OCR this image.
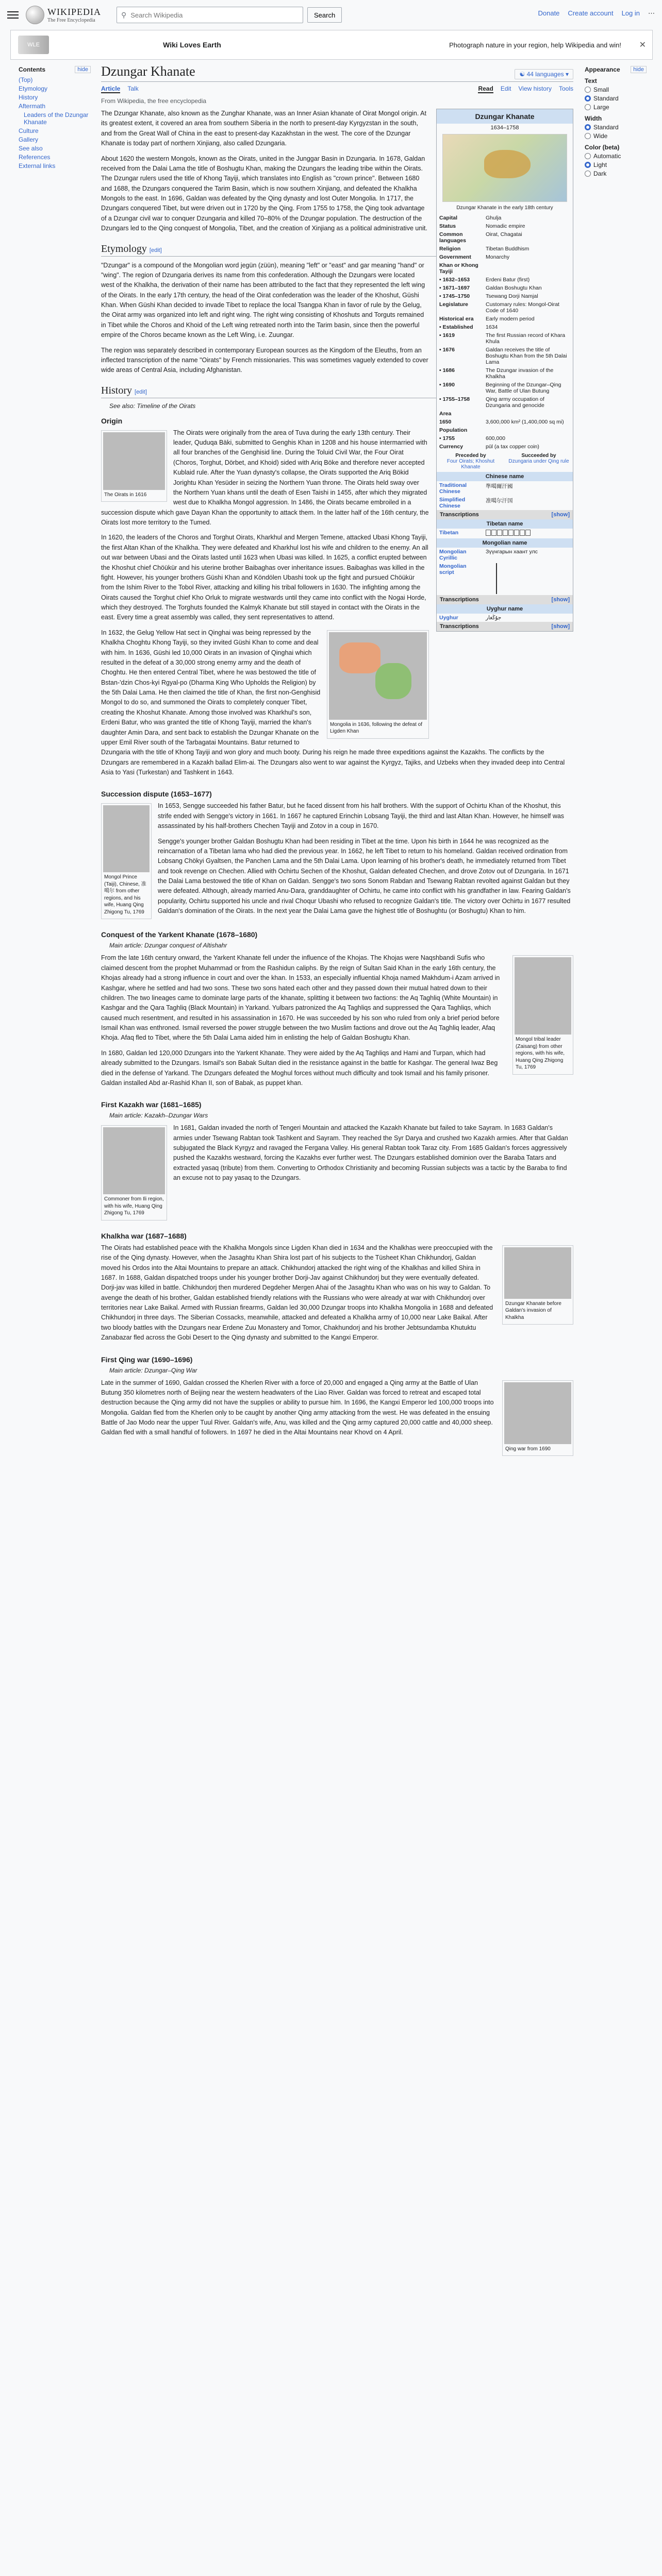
WIKIPEDIA
The Free Encyclopedia
⚲
Search Wikipedia	Search	Donate Create account Log in ⋯
WLE	Wiki Loves Earth	Photograph nature in your region, help Wikipedia and win! ✕
Contents	hide
(Top)
Etymology
History
Aftermath
Leaders of the Dzungar Khanate
Culture
Gallery
See also
References
External links
Appearance	hide
Text
Small
Standard
Large
Width
Standard
Wide
Color (beta)
Automatic
Light
Dark
Dzungar Khanate	☯ 44 languages ▾
Article Talk	Read Edit View history Tools
From Wikipedia, the free encyclopedia
Dzungar Khanate
1634–1758
Dzungar Khanate in the early 18th century
Capital	Ghulja
Status	Nomadic empire
Common languages	Oirat, Chagatai
Religion	Tibetan Buddhism
Government	Monarchy
Khan or Khong Tayiji	
• 1632–1653	Erdeni Batur (first)
• 1671–1697	Galdan Boshugtu Khan
• 1745–1750	Tsewang Dorji Namjal
Legislature	Customary rules: Mongol-Oirat Code of 1640
Historical era	Early modern period
• Established	1634
• 1619	The first Russian record of Khara Khula
• 1676	Galdan receives the title of Boshugtu Khan from the 5th Dalai Lama
• 1686	The Dzungar invasion of the Khalkha
• 1690	Beginning of the Dzungar–Qing War, Battle of Ulan Butung
• 1755–1758	Qing army occupation of Dzungaria and genocide
Area	
1650	3,600,000 km² (1,400,000 sq mi)
Population	
• 1755	600,000
Currency	pūl (a tax copper coin)
Preceded by
Four Oirats; Khoshut Khanate
Succeeded by
Dzungaria under Qing rule
Chinese name
Traditional Chinese	準噶爾汗國
Simplified Chinese	准噶尔汗国
Transcriptions	[show]
Tibetan name
Tibetan	
Mongolian name
Mongolian Cyrillic	Зүүнгарын хаант улс
Mongolian script	
Transcriptions	[show]
Uyghur name
Uyghur	جۇڭغار
Transcriptions	[show]

The Dzungar Khanate, also known as the Zunghar Khanate, was an Inner Asian khanate of Oirat Mongol origin. At its greatest extent, it covered an area from southern Siberia in the north to present-day Kyrgyzstan in the south, and from the Great Wall of China in the east to present-day Kazakhstan in the west. The core of the Dzungar Khanate is today part of northern Xinjiang, also called Dzungaria.

About 1620 the western Mongols, known as the Oirats, united in the Junggar Basin in Dzungaria. In 1678, Galdan received from the Dalai Lama the title of Boshugtu Khan, making the Dzungars the leading tribe within the Oirats. The Dzungar rulers used the title of Khong Tayiji, which translates into English as "crown prince". Between 1680 and 1688, the Dzungars conquered the Tarim Basin, which is now southern Xinjiang, and defeated the Khalkha Mongols to the east. In 1696, Galdan was defeated by the Qing dynasty and lost Outer Mongolia. In 1717, the Dzungars conquered Tibet, but were driven out in 1720 by the Qing. From 1755 to 1758, the Qing took advantage of a Dzungar civil war to conquer Dzungaria and killed 70–80% of the Dzungar population. The destruction of the Dzungars led to the Qing conquest of Mongolia, Tibet, and the creation of Xinjiang as a political administrative unit.

Etymology [edit]

"Dzungar" is a compound of the Mongolian word jegün (züün), meaning "left" or "east" and gar meaning "hand" or "wing". The region of Dzungaria derives its name from this confederation. Although the Dzungars were located west of the Khalkha, the derivation of their name has been attributed to the fact that they represented the left wing of the Oirats. In the early 17th century, the head of the Oirat confederation was the leader of the Khoshut, Güshi Khan. When Güshi Khan decided to invade Tibet to replace the local Tsangpa Khan in favor of rule by the Gelug, the Oirat army was organized into left and right wing. The right wing consisting of Khoshuts and Torguts remained in Tibet while the Choros and Khoid of the Left wing retreated north into the Tarim basin, since then the powerful empire of the Choros became known as the Left Wing, i.e. Zuungar.

The region was separately described in contemporary European sources as the Kingdom of the Eleuths, from an inflected transcription of the name "Oirats" by French missionaries. This was sometimes vaguely extended to cover wide areas of Central Asia, including Afghanistan.

History [edit]
See also: Timeline of the Oirats
Origin
The Oirats in 1616

The Oirats were originally from the area of Tuva during the early 13th century. Their leader, Quduqa Bäki, submitted to Genghis Khan in 1208 and his house intermarried with all four branches of the Genghisid line. During the Toluid Civil War, the Four Oirat (Choros, Torghut, Dörbet, and Khoid) sided with Ariq Böke and therefore never accepted Kublaid rule. After the Yuan dynasty's collapse, the Oirats supported the Ariq Bökid Jorightu Khan Yesüder in seizing the Northern Yuan throne. The Oirats held sway over the Northern Yuan khans until the death of Esen Taishi in 1455, after which they migrated west due to Khalkha Mongol aggression. In 1486, the Oirats became embroiled in a succession dispute which gave Dayan Khan the opportunity to attack them. In the latter half of the 16th century, the Oirats lost more territory to the Tumed.

In 1620, the leaders of the Choros and Torghut Oirats, Kharkhul and Mergen Temene, attacked Ubasi Khong Tayiji, the first Altan Khan of the Khalkha. They were defeated and Kharkhul lost his wife and children to the enemy. An all out war between Ubasi and the Oirats lasted until 1623 when Ubasi was killed. In 1625, a conflict erupted between the Khoshut chief Chöükür and his uterine brother Baibaghas over inheritance issues. Baibaghas was killed in the fight. However, his younger brothers Güshi Khan and Köndölen Ubashi took up the fight and pursued Chöükür from the Ishim River to the Tobol River, attacking and killing his tribal followers in 1630. The infighting among the Oirats caused the Torghut chief Kho Orluk to migrate westwards until they came into conflict with the Nogai Horde, which they destroyed. The Torghuts founded the Kalmyk Khanate but still stayed in contact with the Oirats in the east. Every time a great assembly was called, they sent representatives to attend.

Mongolia in 1636, following the defeat of Ligden Khan

In 1632, the Gelug Yellow Hat sect in Qinghai was being repressed by the Khalkha Choghtu Khong Tayiji, so they invited Güshi Khan to come and deal with him. In 1636, Güshi led 10,000 Oirats in an invasion of Qinghai which resulted in the defeat of a 30,000 strong enemy army and the death of Choghtu. He then entered Central Tibet, where he was bestowed the title of Bstan-'dzin Chos-kyi Rgyal-po (Dharma King Who Upholds the Religion) by the 5th Dalai Lama. He then claimed the title of Khan, the first non-Genghisid Mongol to do so, and summoned the Oirats to completely conquer Tibet, creating the Khoshut Khanate. Among those involved was Kharkhul's son, Erdeni Batur, who was granted the title of Khong Tayiji, married the khan's daughter Amin Dara, and sent back to establish the Dzungar Khanate on the upper Emil River south of the Tarbagatai Mountains. Batur returned to Dzungaria with the title of Khong Tayiji and won glory and much booty. During his reign he made three expeditions against the Kazakhs. The conflicts by the Dzungars are remembered in a Kazakh ballad Elim-ai. The Dzungars also went to war against the Kyrgyz, Tajiks, and Uzbeks when they invaded deep into Central Asia to Yasi (Turkestan) and Tashkent in 1643.

Succession dispute (1653–1677)
Mongol Prince (Taiji), Chinese, 准噶尔 from other regions, and his wife, Huang Qing Zhigong Tu, 1769

In 1653, Sengge succeeded his father Batur, but he faced dissent from his half brothers. With the support of Ochirtu Khan of the Khoshut, this strife ended with Sengge's victory in 1661. In 1667 he captured Erinchin Lobsang Tayiji, the third and last Altan Khan. However, he himself was assassinated by his half-brothers Chechen Tayiji and Zotov in a coup in 1670.

Sengge's younger brother Galdan Boshugtu Khan had been residing in Tibet at the time. Upon his birth in 1644 he was recognized as the reincarnation of a Tibetan lama who had died the previous year. In 1662, he left Tibet to return to his homeland. Galdan received ordination from Lobsang Chökyi Gyaltsen, the Panchen Lama and the 5th Dalai Lama. Upon learning of his brother's death, he immediately returned from Tibet and took revenge on Chechen. Allied with Ochirtu Sechen of the Khoshut, Galdan defeated Chechen, and drove Zotov out of Dzungaria. In 1671 the Dalai Lama bestowed the title of Khan on Galdan. Sengge's two sons Sonom Rabdan and Tsewang Rabtan revolted against Galdan but they were defeated. Although, already married Anu-Dara, granddaughter of Ochirtu, he came into conflict with his grandfather in law. Fearing Galdan's popularity, Ochirtu supported his uncle and rival Choqur Ubashi who refused to recognize Galdan's title. The victory over Ochirtu in 1677 resulted Galdan's domination of the Oirats. In the next year the Dalai Lama gave the highest title of Boshughtu (or Boshugtu) Khan to him.

Conquest of the Yarkent Khanate (1678–1680)
Main article: Dzungar conquest of Altishahr
Mongol tribal leader (Zaisang) from other regions, with his wife, Huang Qing Zhigong Tu, 1769

From the late 16th century onward, the Yarkent Khanate fell under the influence of the Khojas. The Khojas were Naqshbandi Sufis who claimed descent from the prophet Muhammad or from the Rashidun caliphs. By the reign of Sultan Said Khan in the early 16th century, the Khojas already had a strong influence in court and over the khan. In 1533, an especially influential Khoja named Makhdum-i Azam arrived in Kashgar, where he settled and had two sons. These two sons hated each other and they passed down their mutual hatred down to their children. The two lineages came to dominate large parts of the khanate, splitting it between two factions: the Aq Taghliq (White Mountain) in Kashgar and the Qara Taghliq (Black Mountain) in Yarkand. Yulbars patronized the Aq Taghliqs and suppressed the Qara Taghliqs, which caused much resentment, and resulted in his assassination in 1670. He was succeeded by his son who ruled from only a brief period before Ismail Khan was enthroned. Ismail reversed the power struggle between the two Muslim factions and drove out the Aq Taghliq leader, Afaq Khoja. Afaq fled to Tibet, where the 5th Dalai Lama aided him in enlisting the help of Galdan Boshugtu Khan.

In 1680, Galdan led 120,000 Dzungars into the Yarkent Khanate. They were aided by the Aq Taghliqs and Hami and Turpan, which had already submitted to the Dzungars. Ismail's son Babak Sultan died in the resistance against in the battle for Kashgar. The general Iwaz Beg died in the defense of Yarkand. The Dzungars defeated the Moghul forces without much difficulty and took Ismail and his family prisoner. Galdan installed Abd ar-Rashid Khan II, son of Babak, as puppet khan.

First Kazakh war (1681–1685)
Main article: Kazakh–Dzungar Wars
Commoner from Ili region, with his wife, Huang Qing Zhigong Tu, 1769

In 1681, Galdan invaded the north of Tengeri Mountain and attacked the Kazakh Khanate but failed to take Sayram. In 1683 Galdan's armies under Tsewang Rabtan took Tashkent and Sayram. They reached the Syr Darya and crushed two Kazakh armies. After that Galdan subjugated the Black Kyrgyz and ravaged the Fergana Valley. His general Rabtan took Taraz city. From 1685 Galdan's forces aggressively pushed the Kazakhs westward, forcing the Kazakhs ever further west. The Dzungars established dominion over the Baraba Tatars and extracted yasaq (tribute) from them. Converting to Orthodox Christianity and becoming Russian subjects was a tactic by the Baraba to find an excuse not to pay yasaq to the Dzungars.

Khalkha war (1687–1688)
Dzungar Khanate before Galdan's invasion of Khalkha

The Oirats had established peace with the Khalkha Mongols since Ligden Khan died in 1634 and the Khalkhas were preoccupied with the rise of the Qing dynasty. However, when the Jasaghtu Khan Shira lost part of his subjects to the Tüsheet Khan Chikhundorj, Galdan moved his Ordos into the Altai Mountains to prepare an attack. Chikhundorj attacked the right wing of the Khalkhas and killed Shira in 1687. In 1688, Galdan dispatched troops under his younger brother Dorji-Jav against Chikhundorj but they were eventually defeated. Dorji-jav was killed in battle. Chikhundorj then murdered Degdeher Mergen Ahai of the Jasaghtu Khan who was on his way to Galdan. To avenge the death of his brother, Galdan established friendly relations with the Russians who were already at war with Chikhundorj over territories near Lake Baikal. Armed with Russian firearms, Galdan led 30,000 Dzungar troops into Khalkha Mongolia in 1688 and defeated Chikhundorj in three days. The Siberian Cossacks, meanwhile, attacked and defeated a Khalkha army of 10,000 near Lake Baikal. After two bloody battles with the Dzungars near Erdene Zuu Monastery and Tomor, Chakhundorj and his brother Jebtsundamba Khutuktu Zanabazar fled across the Gobi Desert to the Qing dynasty and submitted to the Kangxi Emperor.

First Qing war (1690–1696)
Main article: Dzungar–Qing War
Qing war from 1690

Late in the summer of 1690, Galdan crossed the Kherlen River with a force of 20,000 and engaged a Qing army at the Battle of Ulan Butung 350 kilometres north of Beijing near the western headwaters of the Liao River. Galdan was forced to retreat and escaped total destruction because the Qing army did not have the supplies or ability to pursue him. In 1696, the Kangxi Emperor led 100,000 troops into Mongolia. Galdan fled from the Kherlen only to be caught by another Qing army attacking from the west. He was defeated in the ensuing Battle of Jao Modo near the upper Tuul River. Galdan's wife, Anu, was killed and the Qing army captured 20,000 cattle and 40,000 sheep. Galdan fled with a small handful of followers. In 1697 he died in the Altai Mountains near Khovd on 4 April.
